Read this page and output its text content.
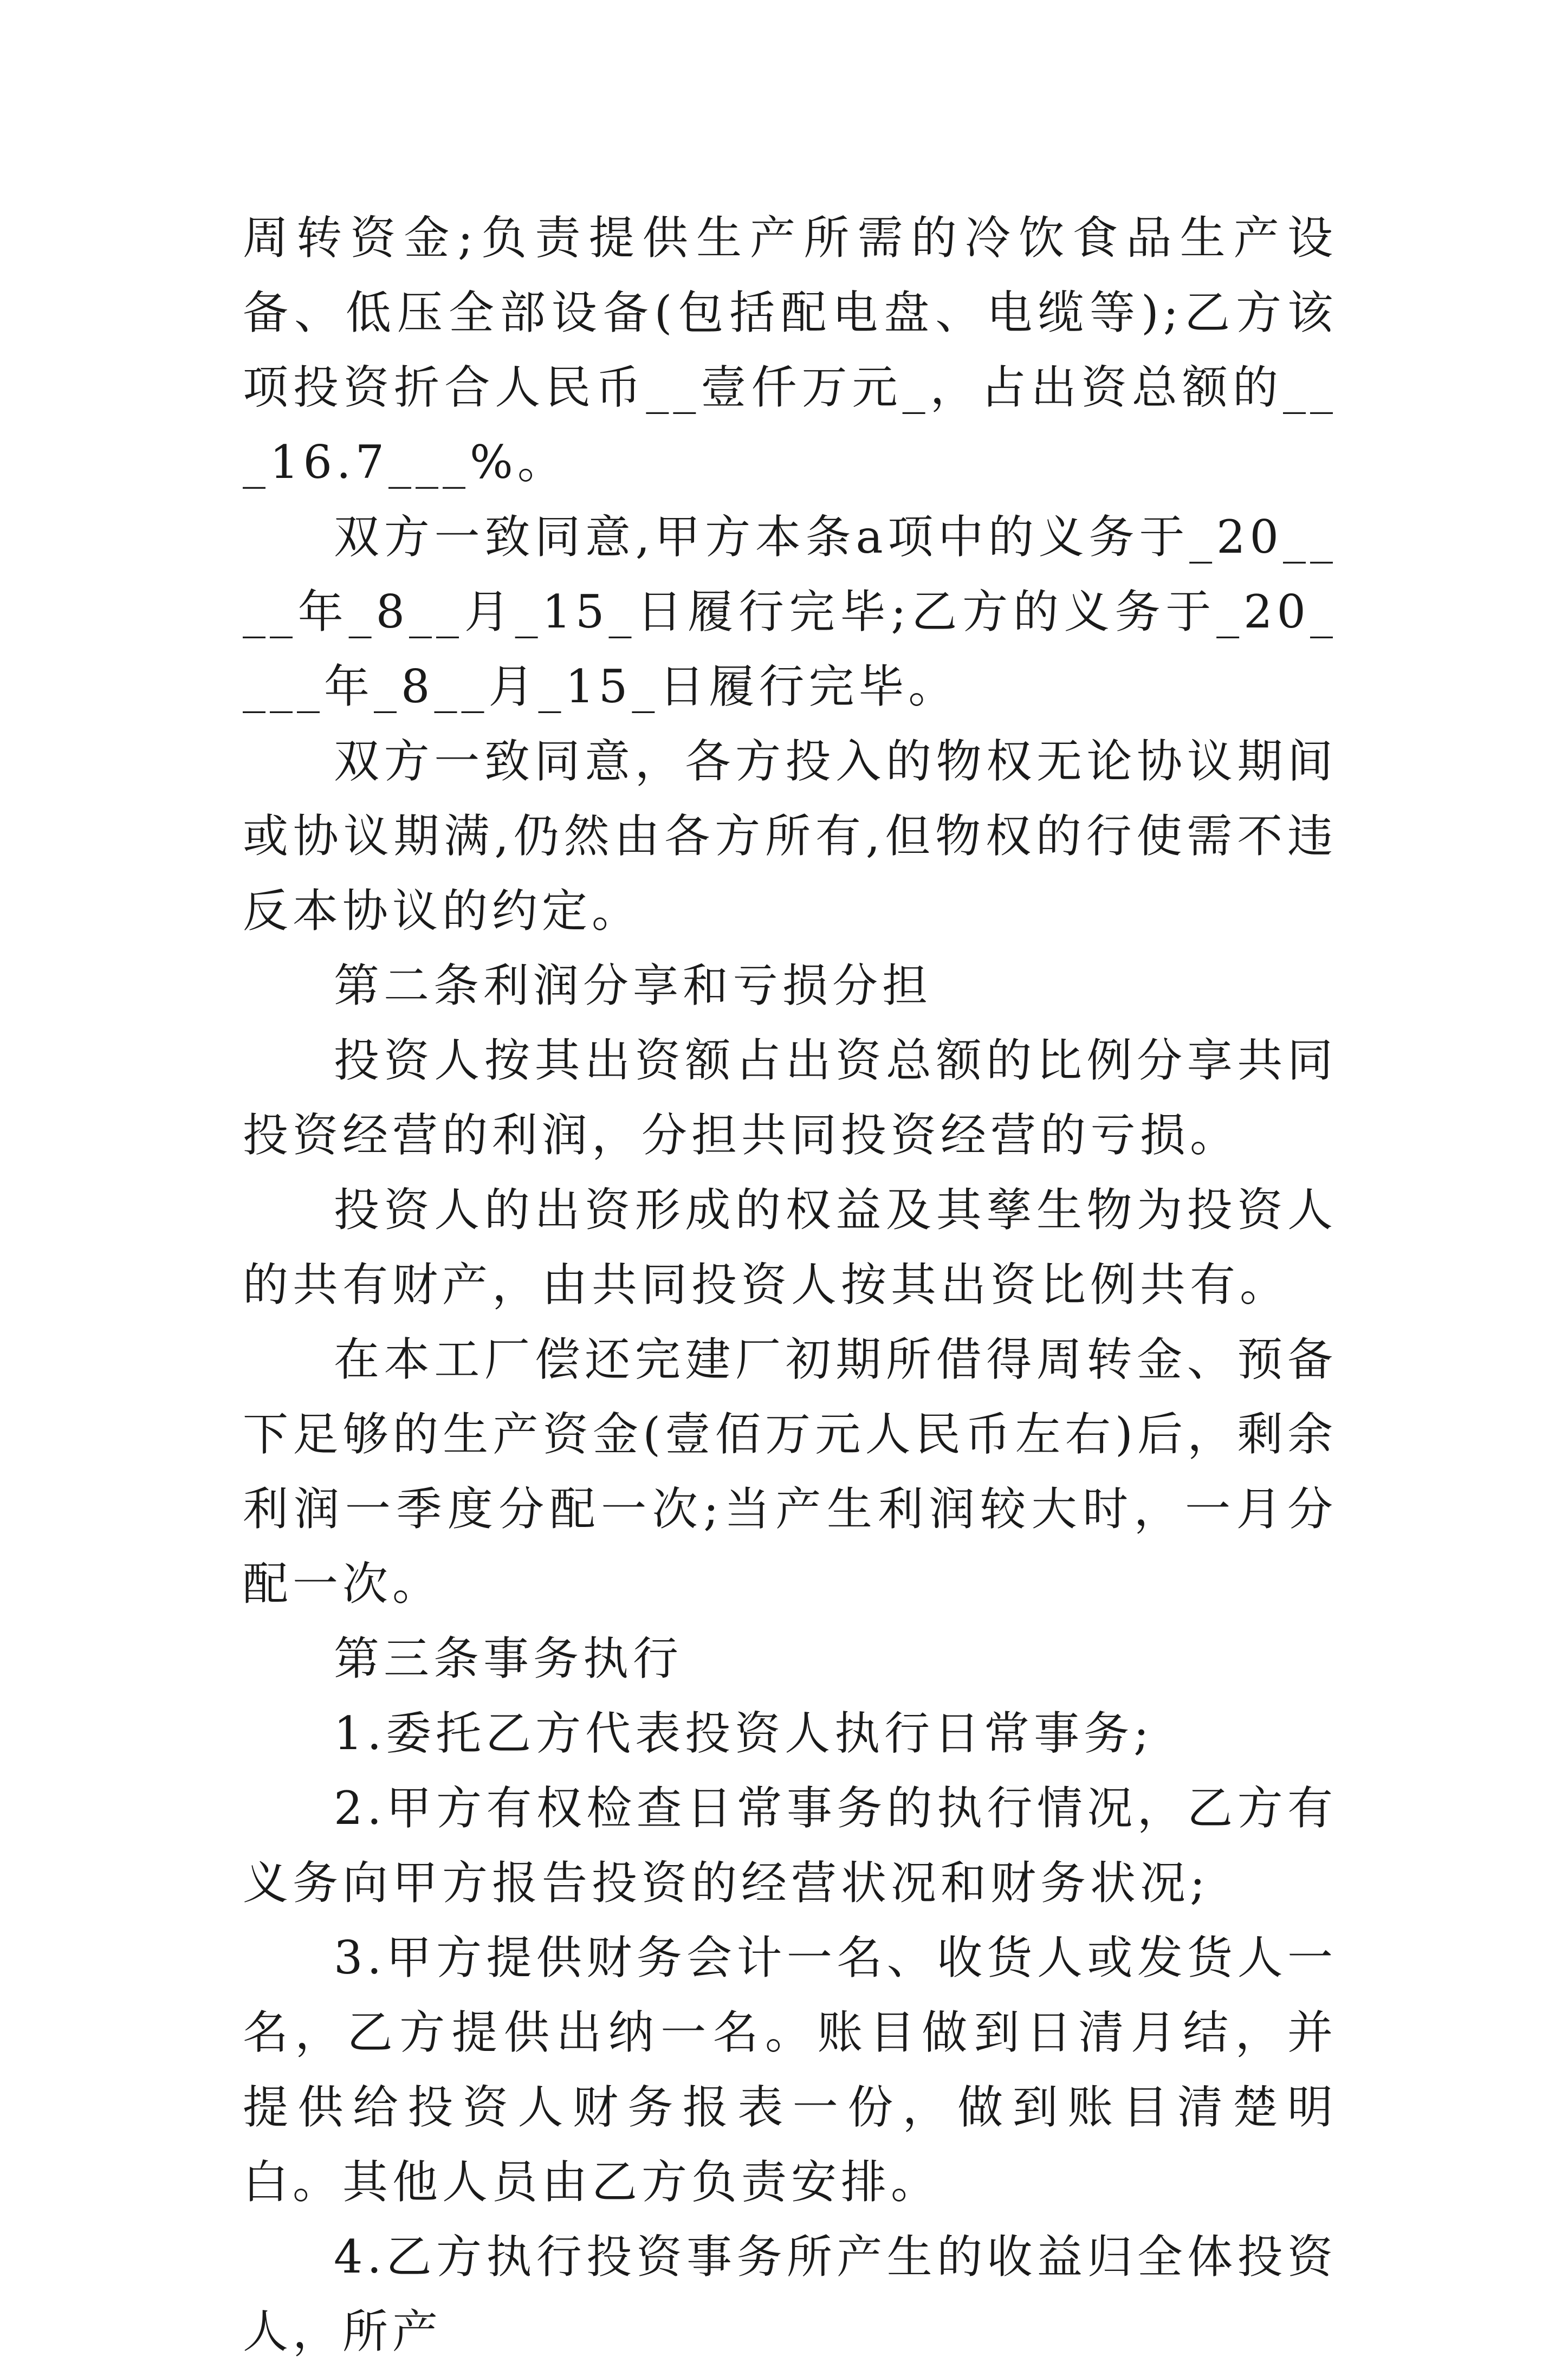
周转资金;负责提供生产所需的冷饮食品生产设备、低压全部设备(包括配电盘、电缆等);乙方该项投资折合人民币__壹仟万元_，占出资总额的___16.7___%。

双方一致同意,甲方本条a项中的义务于_20____年_8__月_15_日履行完毕;乙方的义务于_20____年_8__月_15_日履行完毕。

双方一致同意，各方投入的物权无论协议期间或协议期满,仍然由各方所有,但物权的行使需不违反本协议的约定。

第二条利润分享和亏损分担

投资人按其出资额占出资总额的比例分享共同投资经营的利润，分担共同投资经营的亏损。

投资人的出资形成的权益及其孳生物为投资人的共有财产，由共同投资人按其出资比例共有。

在本工厂偿还完建厂初期所借得周转金、预备下足够的生产资金(壹佰万元人民币左右)后，剩余利润一季度分配一次;当产生利润较大时，一月分配一次。

第三条事务执行

1.委托乙方代表投资人执行日常事务;

2.甲方有权检查日常事务的执行情况，乙方有义务向甲方报告投资的经营状况和财务状况;

3.甲方提供财务会计一名、收货人或发货人一名，乙方提供出纳一名。账目做到日清月结，并提供给投资人财务报表一份，做到账目清楚明白。其他人员由乙方负责安排。

4.乙方执行投资事务所产生的收益归全体投资人，所产
